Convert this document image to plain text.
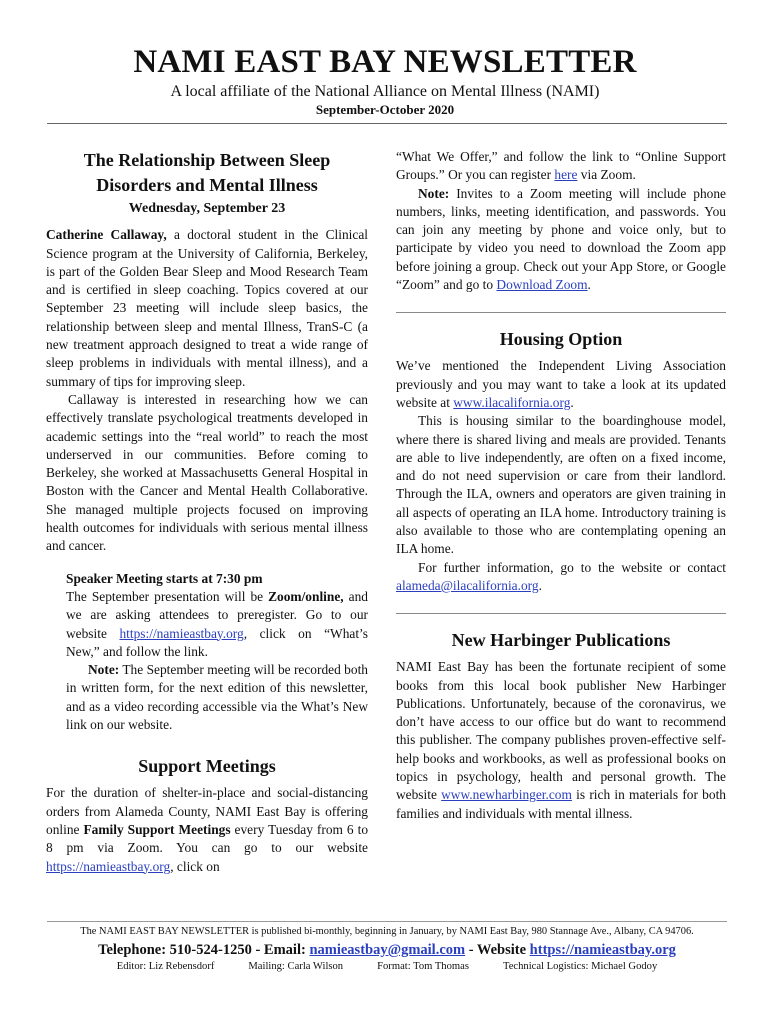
NAMI EAST BAY NEWSLETTER
A local affiliate of the National Alliance on Mental Illness (NAMI)
September-October 2020
The Relationship Between Sleep Disorders and Mental Illness
Wednesday, September 23

Catherine Callaway, a doctoral student in the Clinical Science program at the University of California, Berkeley, is part of the Golden Bear Sleep and Mood Research Team and is certified in sleep coaching. Topics covered at our September 23 meeting will include sleep basics, the relationship between sleep and mental Illness, TranS-C (a new treatment approach designed to treat a wide range of sleep problems in individuals with mental illness), and a summary of tips for improving sleep.

Callaway is interested in researching how we can effectively translate psychological treatments developed in academic settings into the “real world” to reach the most underserved in our communities. Before coming to Berkeley, she worked at Massachusetts General Hospital in Boston with the Cancer and Mental Health Collaborative. She managed multiple projects focused on improving health outcomes for individuals with serious mental illness and cancer.

Speaker Meeting starts at 7:30 pm

The September presentation will be Zoom/online, and we are asking attendees to preregister. Go to our website https://namieastbay.org, click on “What’s New,” and follow the link.

Note: The September meeting will be recorded both in written form, for the next edition of this newsletter, and as a video recording accessible via the What’s New link on our website.

Support Meetings

For the duration of shelter-in-place and social-distancing orders from Alameda County, NAMI East Bay is offering online Family Support Meetings every Tuesday from 6 to 8 pm via Zoom. You can go to our website https://namieastbay.org, click on

“What We Offer,” and follow the link to “Online Support Groups.” Or you can register here via Zoom.

Note: Invites to a Zoom meeting will include phone numbers, links, meeting identification, and passwords. You can join any meeting by phone and voice only, but to participate by video you need to download the Zoom app before joining a group. Check out your App Store, or Google “Zoom” and go to Download Zoom.

Housing Option

We’ve mentioned the Independent Living Association previously and you may want to take a look at its updated website at www.ilacalifornia.org.

This is housing similar to the boardinghouse model, where there is shared living and meals are provided. Tenants are able to live independently, are often on a fixed income, and do not need supervision or care from their landlord. Through the ILA, owners and operators are given training in all aspects of operating an ILA home. Introductory training is also available to those who are contemplating opening an ILA home.

For further information, go to the website or contact alameda@ilacalifornia.org.

New Harbinger Publications

NAMI East Bay has been the fortunate recipient of some books from this local book publisher New Harbinger Publications. Unfortunately, because of the coronavirus, we don’t have access to our office but do want to recommend this publisher. The company publishes proven-effective self-help books and workbooks, as well as professional books on topics in psychology, health and personal growth. The website www.newharbinger.com is rich in materials for both families and individuals with mental illness.

The NAMI EAST BAY NEWSLETTER is published bi-monthly, beginning in January, by NAMI East Bay, 980 Stannage Ave., Albany, CA 94706.
Telephone: 510-524-1250 - Email: namieastbay@gmail.com - Website https://namieastbay.org
Editor: Liz Rebensdorf	Mailing: Carla Wilson	Format: Tom Thomas	Technical Logistics: Michael Godoy
